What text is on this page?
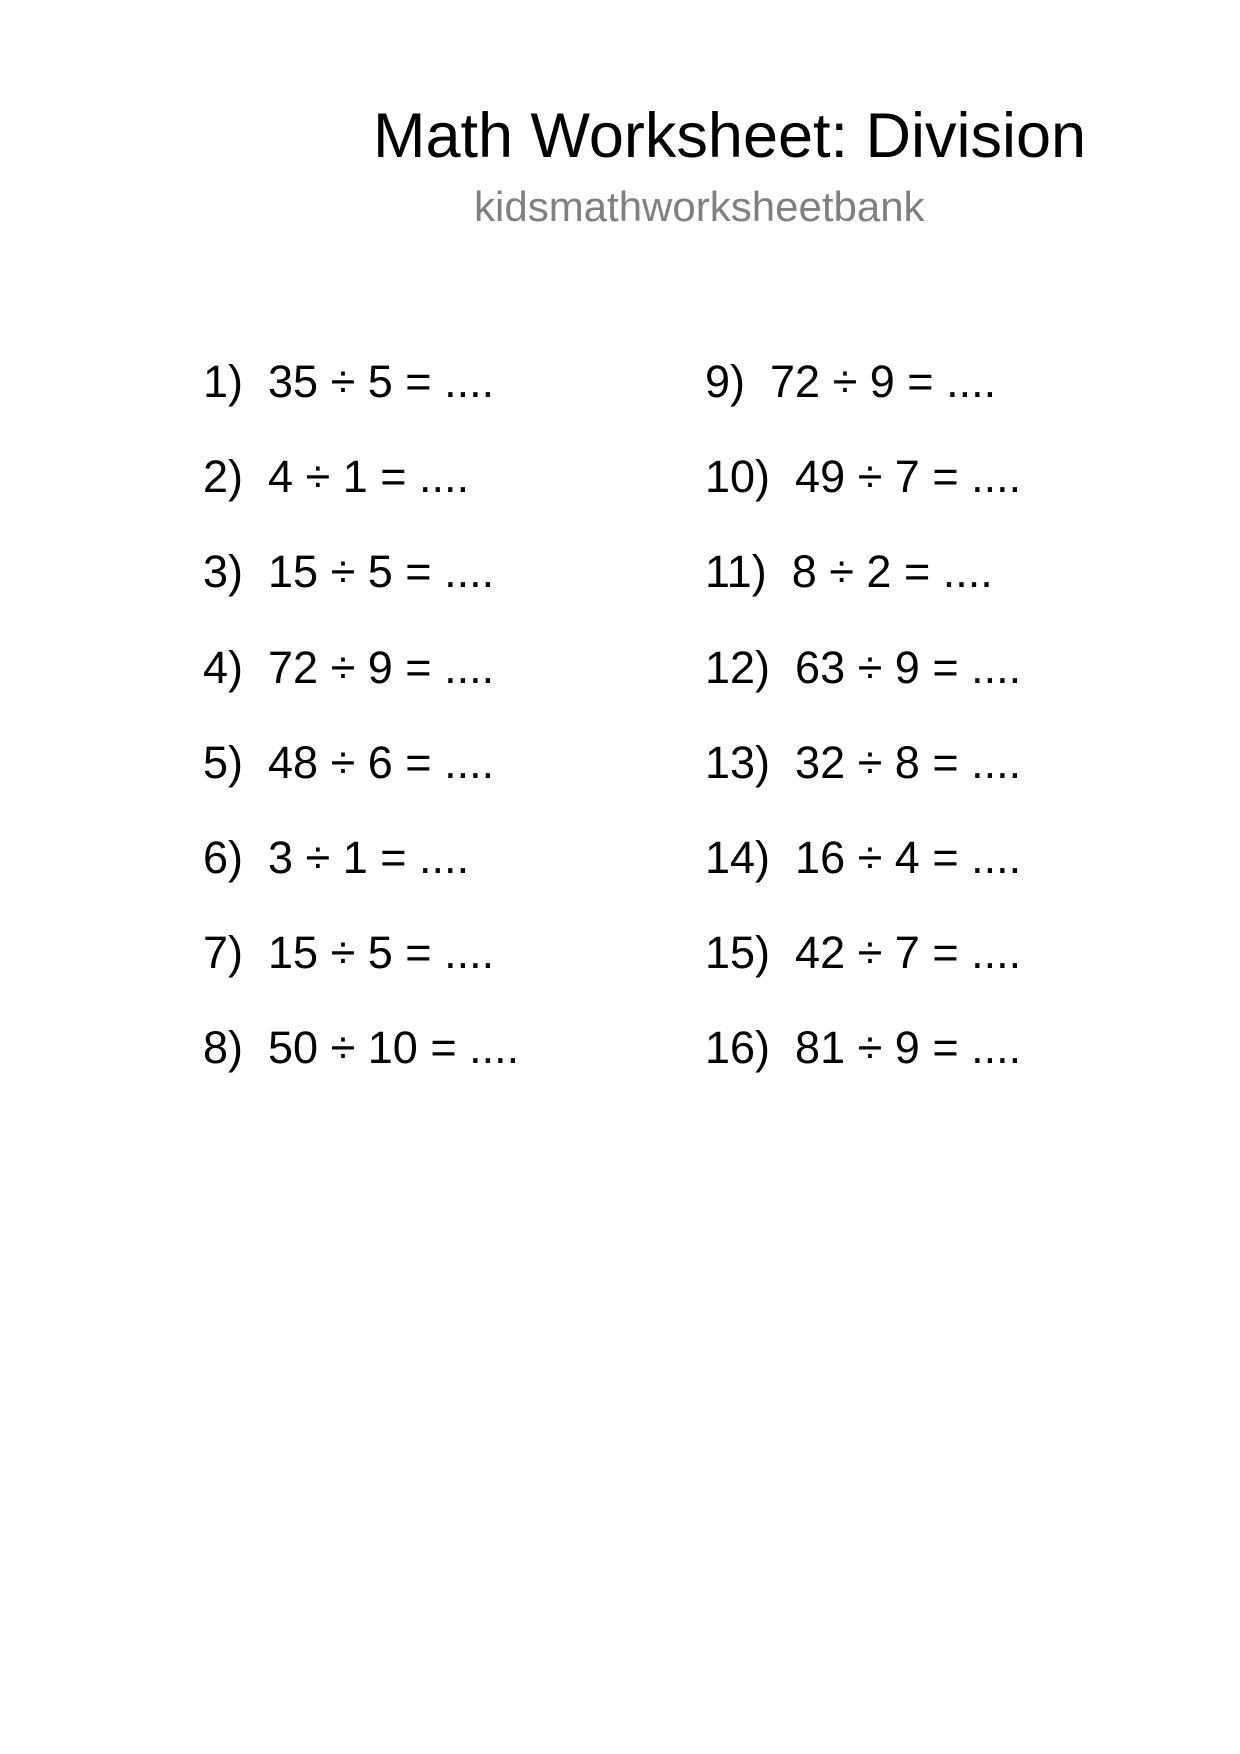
Math Worksheet: Division
kidsmathworksheetbank
1)  35 ÷ 5 = ....
2)  4 ÷ 1 = ....
3)  15 ÷ 5 = ....
4)  72 ÷ 9 = ....
5)  48 ÷ 6 = ....
6)  3 ÷ 1 = ....
7)  15 ÷ 5 = ....
8)  50 ÷ 10 = ....
9)  72 ÷ 9 = ....
10)  49 ÷ 7 = ....
11)  8 ÷ 2 = ....
12)  63 ÷ 9 = ....
13)  32 ÷ 8 = ....
14)  16 ÷ 4 = ....
15)  42 ÷ 7 = ....
16)  81 ÷ 9 = ....
